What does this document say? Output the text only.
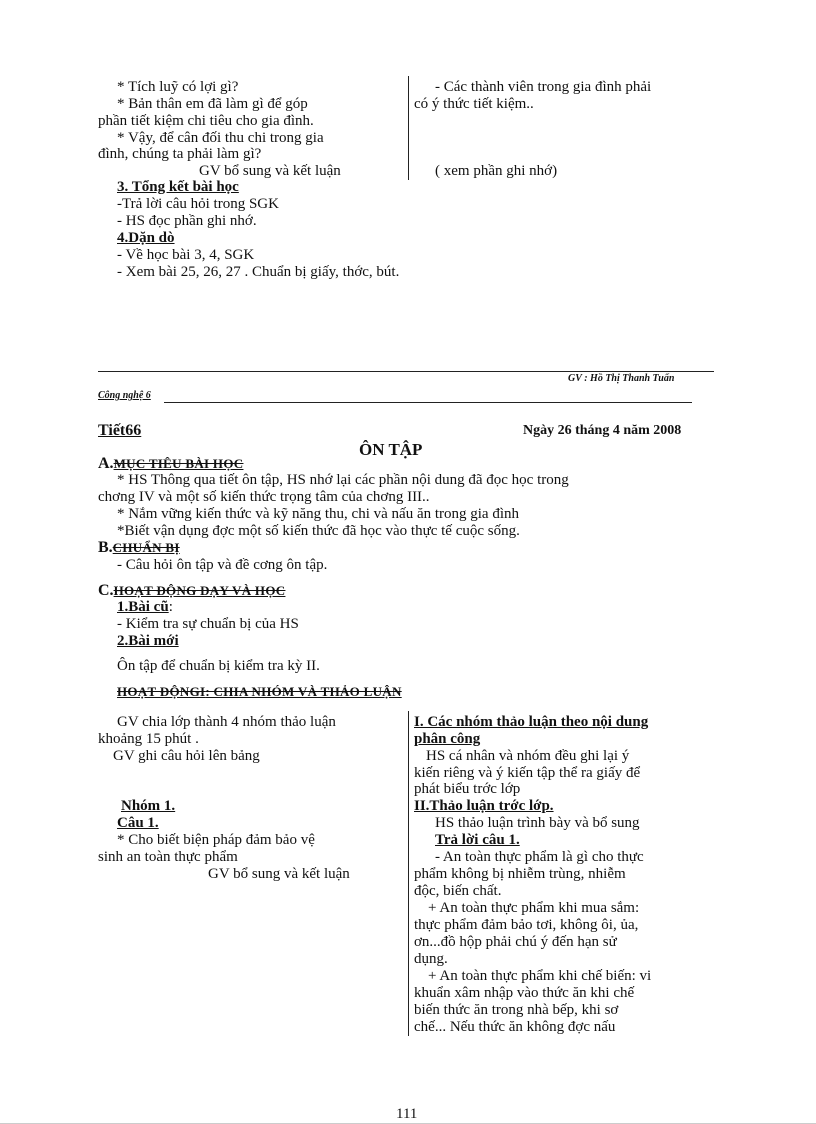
* Tích luỹ có lợi gì?
* Bản thân em đã làm gì để góp
phần tiết kiệm chi tiêu cho gia đình.
* Vậy, để cân đối thu chi trong gia
đình, chúng ta phải làm gì?
GV bổ sung và kết luận
- Các thành viên trong gia đình phải
có ý thức tiết kiệm..
( xem phần ghi nhớ)
3. Tổng kết bài học
-Trả lời câu hỏi trong SGK
- HS đọc phần ghi nhớ.
4.Dặn dò
- Về học bài 3, 4, SGK
- Xem bài 25, 26, 27 . Chuẩn bị giấy, thớc, bút.
GV : Hồ Thị Thanh Tuấn
Công nghệ 6
Tiết66	Ngày 26 tháng 4 năm 2008
ÔN TẬP
A.MỤC TIÊU BÀI HỌC
* HS Thông qua tiết ôn tập, HS nhớ lại các phần nội dung đã đọc học trong
chơng IV và một số kiến thức trọng tâm của chơng III..
* Nắm vững kiến thức và kỹ năng thu, chi và nấu ăn trong gia đình
*Biết vận dụng đợc một số kiến thức đã học vào thực tế cuộc sống.
B.CHUẨN BỊ
- Câu hỏi ôn tập và đề cơng ôn tập.
C.HOẠT ĐỘNG DẠY VÀ HỌC
1.Bài cũ:
- Kiểm tra sự chuẩn bị của HS
2.Bài mới
Ôn tập để chuẩn bị kiểm tra kỳ II.
HOẠT ĐỘNGI: CHIA NHÓM VÀ THẢO LUẬN
GV chia lớp thành 4 nhóm thảo luận
khoảng 15 phút .
GV ghi câu hỏi lên bảng
Nhóm 1.
Câu 1.
* Cho biết biện pháp đảm bảo vệ
sinh an toàn thực phẩm
GV bổ sung và kết luận
I. Các nhóm thảo luận theo nội dung
phân công
HS cá nhân và nhóm đều ghi lại ý
kiến riêng và ý kiến tập thể ra giấy để
phát biểu trớc lớp
II.Thảo luận trớc lớp.
HS thảo luận trình bày và bổ sung
Trả lời câu 1.
- An toàn thực phẩm là gì cho thực
phẩm không bị nhiễm trùng, nhiễm
độc, biến chất.
+ An toàn thực phẩm khi mua sắm:
thực phẩm đảm bảo tơi, không ôi, ủa,
ơn...đồ hộp phải chú ý đến hạn sử
dụng.
+ An toàn thực phẩm khi chế biến: vi
khuẩn xâm nhập vào thức ăn khi chế
biến thức ăn trong nhà bếp, khi sơ
chế... Nếu thức ăn không đợc nấu
111
